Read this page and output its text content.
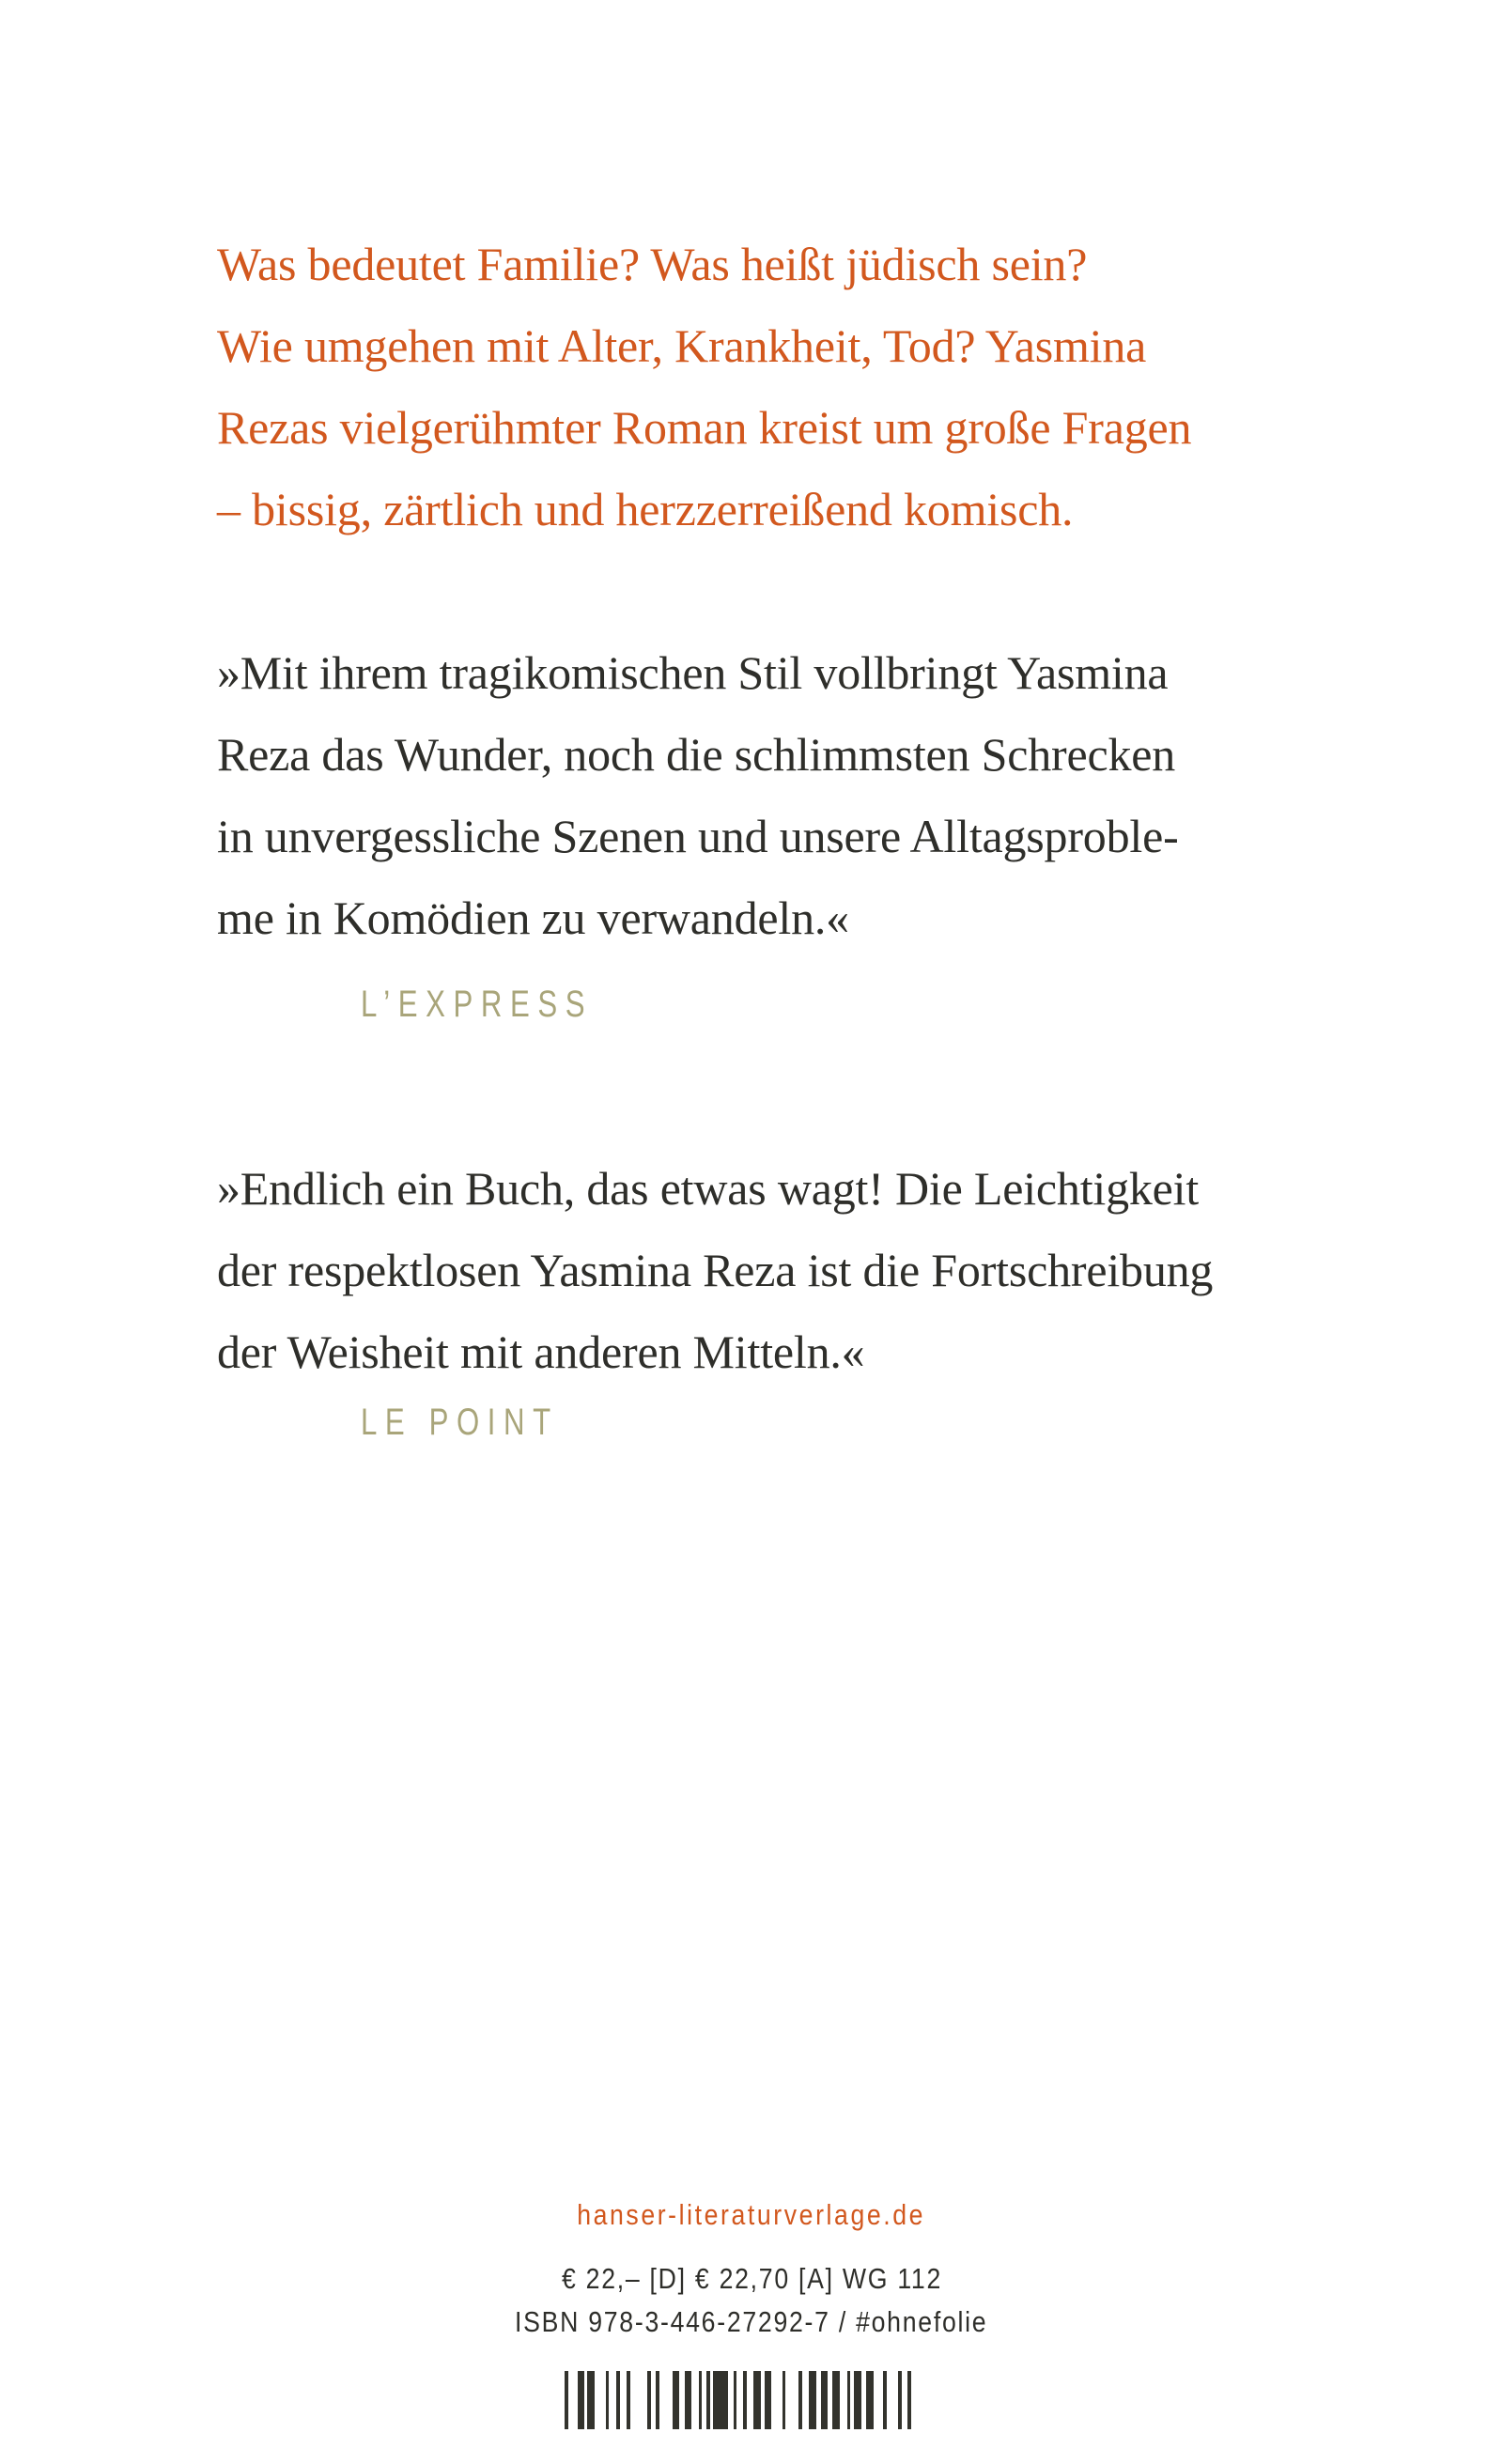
Was bedeutet Familie? Was heißt jüdisch sein?
Wie umgehen mit Alter, Krankheit, Tod? Yasmina
Rezas vielgerühmter Roman kreist um große Fragen
– bissig, zärtlich und herzzerreißend komisch.
»Mit ihrem tragikomischen Stil vollbringt Yasmina
Reza das Wunder, noch die schlimmsten Schrecken
in unvergessliche Szenen und unsere Alltagsproble-
me in Komödien zu verwandeln.«
L’EXPRESS
»Endlich ein Buch, das etwas wagt! Die Leichtigkeit
der respektlosen Yasmina Reza ist die Fortschreibung
der Weisheit mit anderen Mitteln.«
LE POINT
hanser-literaturverlage.de
€ 22,– [D] € 22,70 [A] WG 112
ISBN 978-3-446-27292-7 / #ohnefolie
